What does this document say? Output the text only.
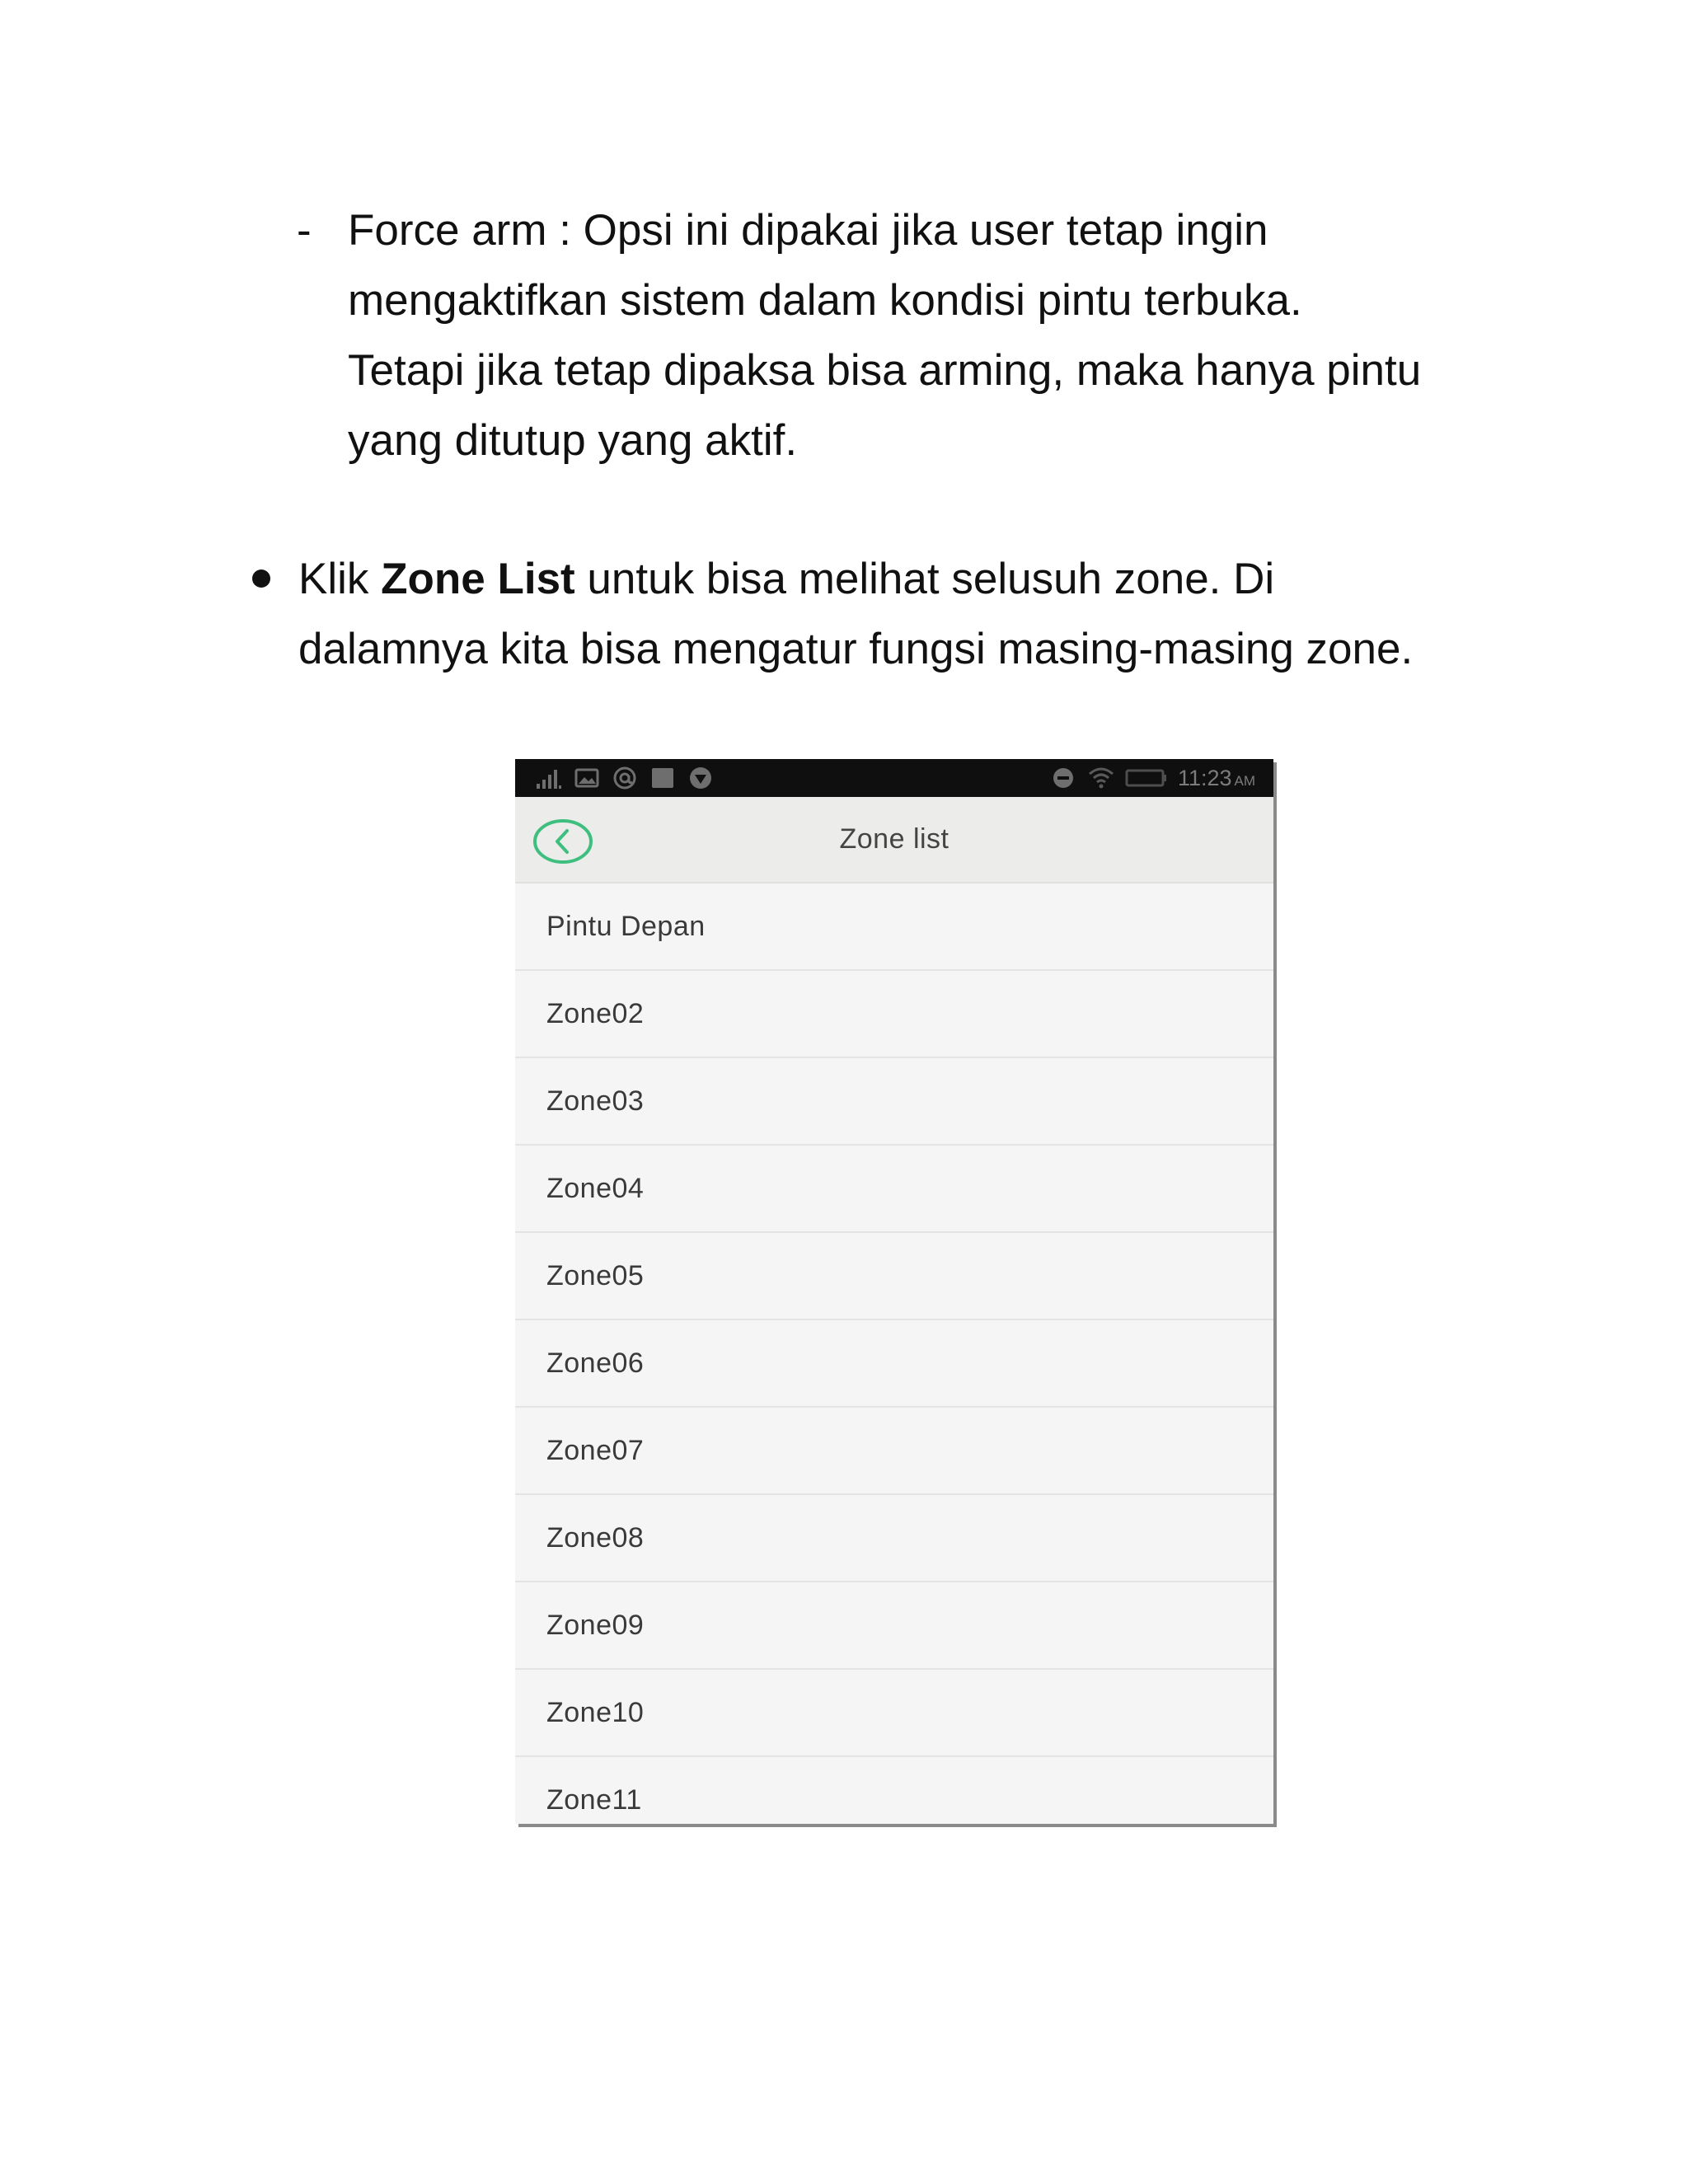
- Force arm : Opsi ini dipakai jika user tetap ingin
mengaktifkan sistem dalam kondisi pintu terbuka.
Tetapi jika tetap dipaksa bisa arming, maka hanya pintu
yang ditutup yang aktif.
Klik Zone List untuk bisa melihat selusuh zone. Di
dalamnya kita bisa mengatur fungsi masing-masing zone.
11:23 AM
Zone list
Pintu Depan
Zone02
Zone03
Zone04
Zone05
Zone06
Zone07
Zone08
Zone09
Zone10
Zone11
